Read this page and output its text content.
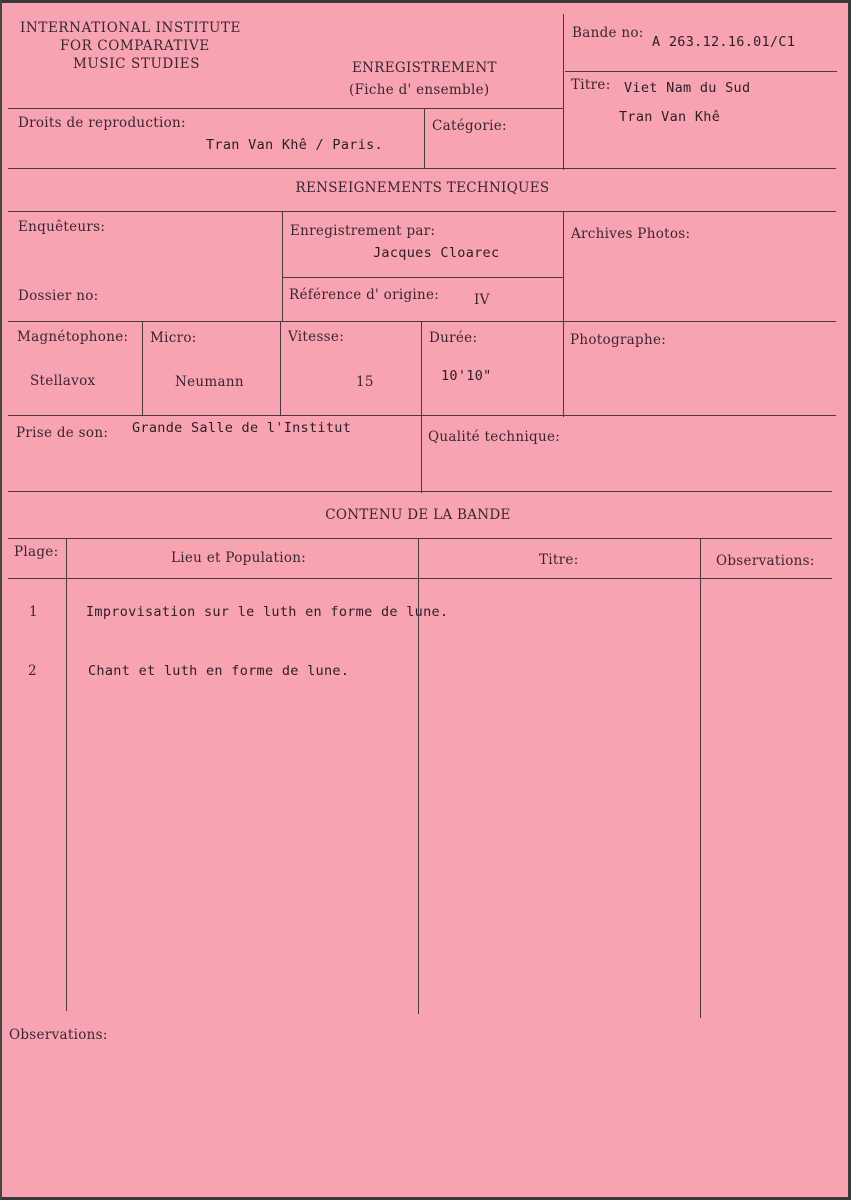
INTERNATIONAL INSTITUTE
FOR COMPARATIVE
MUSIC STUDIES	ENREGISTREMENT
(Fiche d' ensemble)
Bande no:
A 263.12.16.01/C1
Titre: Viet Nam du Sud
Tran Van Khê
Droits de reproduction:
Tran Van Khê / Paris.
Catégorie:
RENSEIGNEMENTS TECHNIQUES
Enquêteurs:	Enregistrement par:
Jacques Cloarec
Archives Photos:
Dossier no:	Référence d' origine:	IV
Magnétophone:
Stellavox
Micro:
Neumann
Vitesse:
15
Durée:
10'10"
Photographe:
Prise de son: Grande Salle de l'Institut
Qualité technique:
CONTENU DE LA BANDE
Plage:	Lieu et Population:	Titre:	Observations:
1	Improvisation sur le luth en forme de lune.
2	Chant et luth en forme de lune.
Observations:
